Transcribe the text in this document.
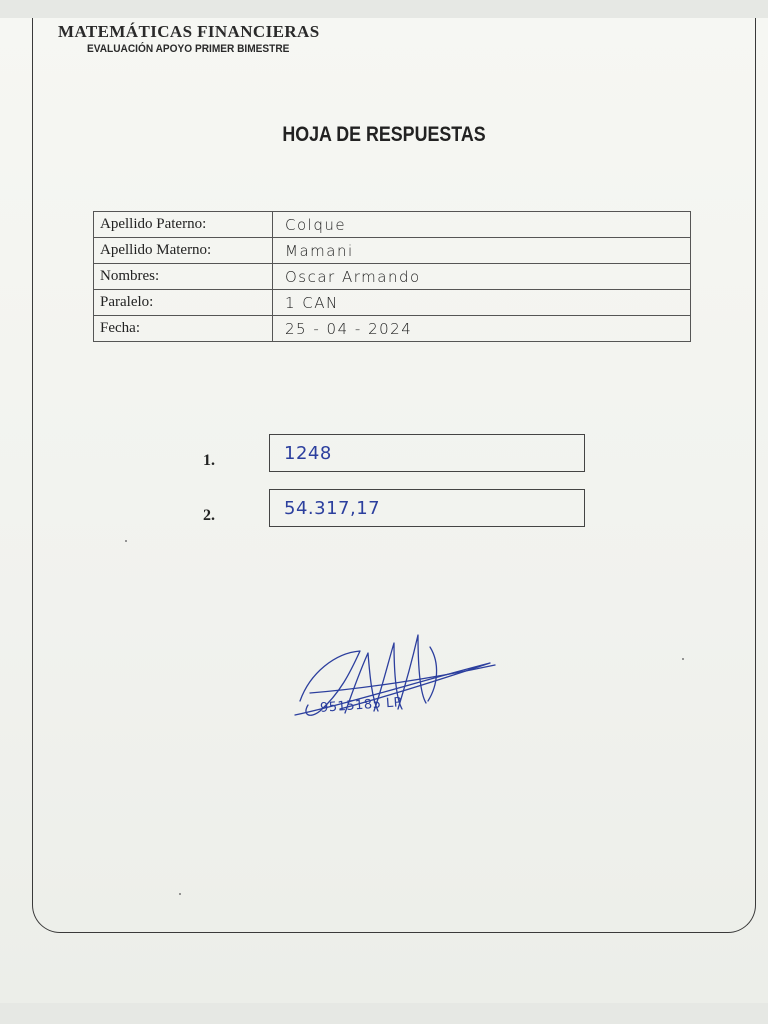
MATEMÁTICAS FINANCIERAS
EVALUACIÓN APOYO PRIMER BIMESTRE
HOJA DE RESPUESTAS
Apellido Paterno:	Colque
Apellido Materno:	Mamani
Nombres:	Oscar Armando
Paralelo:	1 CAN
Fecha:	25 - 04 - 2024
1.	1248
2.	54.317,17
9515185 LP
